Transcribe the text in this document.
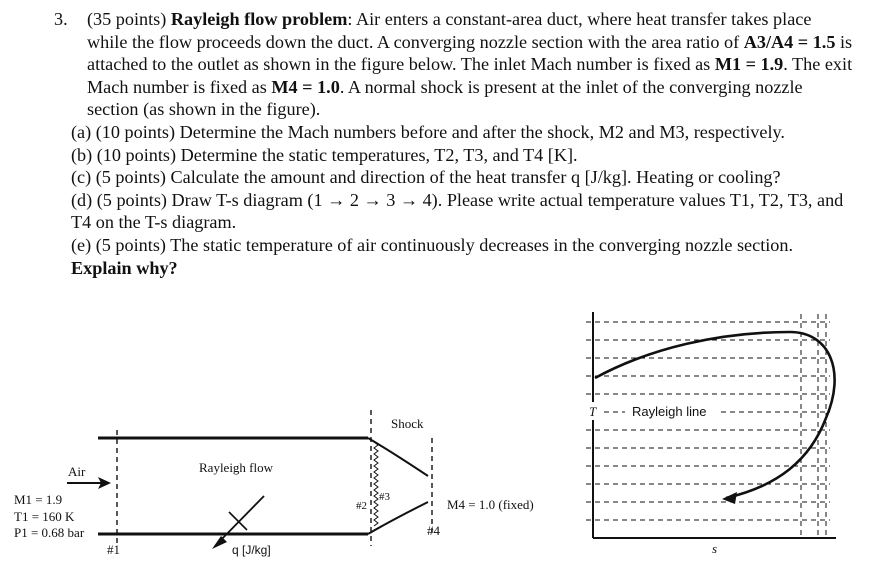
3. (35 points) Rayleigh flow problem: Air enters a constant-area duct, where heat transfer takes place while the flow proceeds down the duct. A converging nozzle section with the area ratio of A3/A4 = 1.5 is attached to the outlet as shown in the figure below. The inlet Mach number is fixed as M1 = 1.9. The exit Mach number is fixed as M4 = 1.0. A normal shock is present at the inlet of the converging nozzle section (as shown in the figure).
(a) (10 points) Determine the Mach numbers before and after the shock, M2 and M3, respectively.
(b) (10 points) Determine the static temperatures, T2, T3, and T4 [K].
(c) (5 points) Calculate the amount and direction of the heat transfer q [J/kg]. Heating or cooling?
(d) (5 points) Draw T-s diagram (1 → 2 → 3 → 4). Please write actual temperature values T1, T2, T3, and T4 on the T-s diagram.
(e) (5 points) The static temperature of air continuously decreases in the converging nozzle section. Explain why?
Air
M1 = 1.9
T1 = 160 K
P1 = 0.68 bar
#1
Rayleigh flow
q [J/kg]
Shock
#2
#3
#4
M4 = 1.0 (fixed)
T	Rayleigh line
s
